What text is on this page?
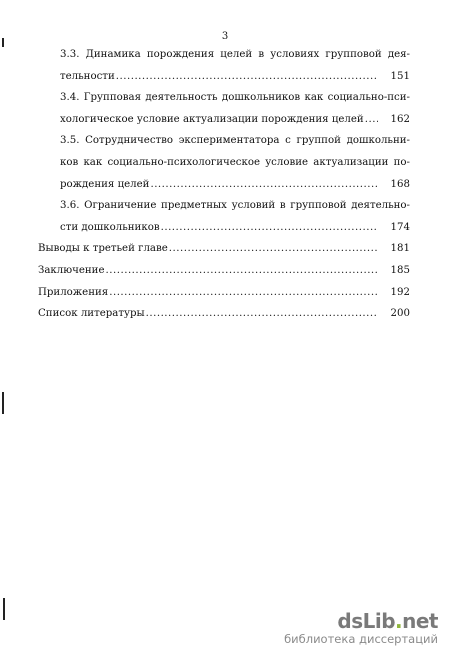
3
3.3. Динамика порождения целей в условиях групповой дея-
тельности .....	151
3.4. Групповая деятельность дошкольников как социально-пси-
хологическое условие актуализации порождения целей .....	162
3.5. Сотрудничество экспериментатора с группой дошкольни-
ков как социально-психологическое условие актуализации по-
рождения целей .....	168
3.6. Ограничение предметных условий в групповой деятельно-
сти дошкольников .....	174
Выводы к третьей главе .....	181
Заключение .....	185
Приложения .....	192
Список литературы .....	200
dsLib.net
библиотека диссертаций
